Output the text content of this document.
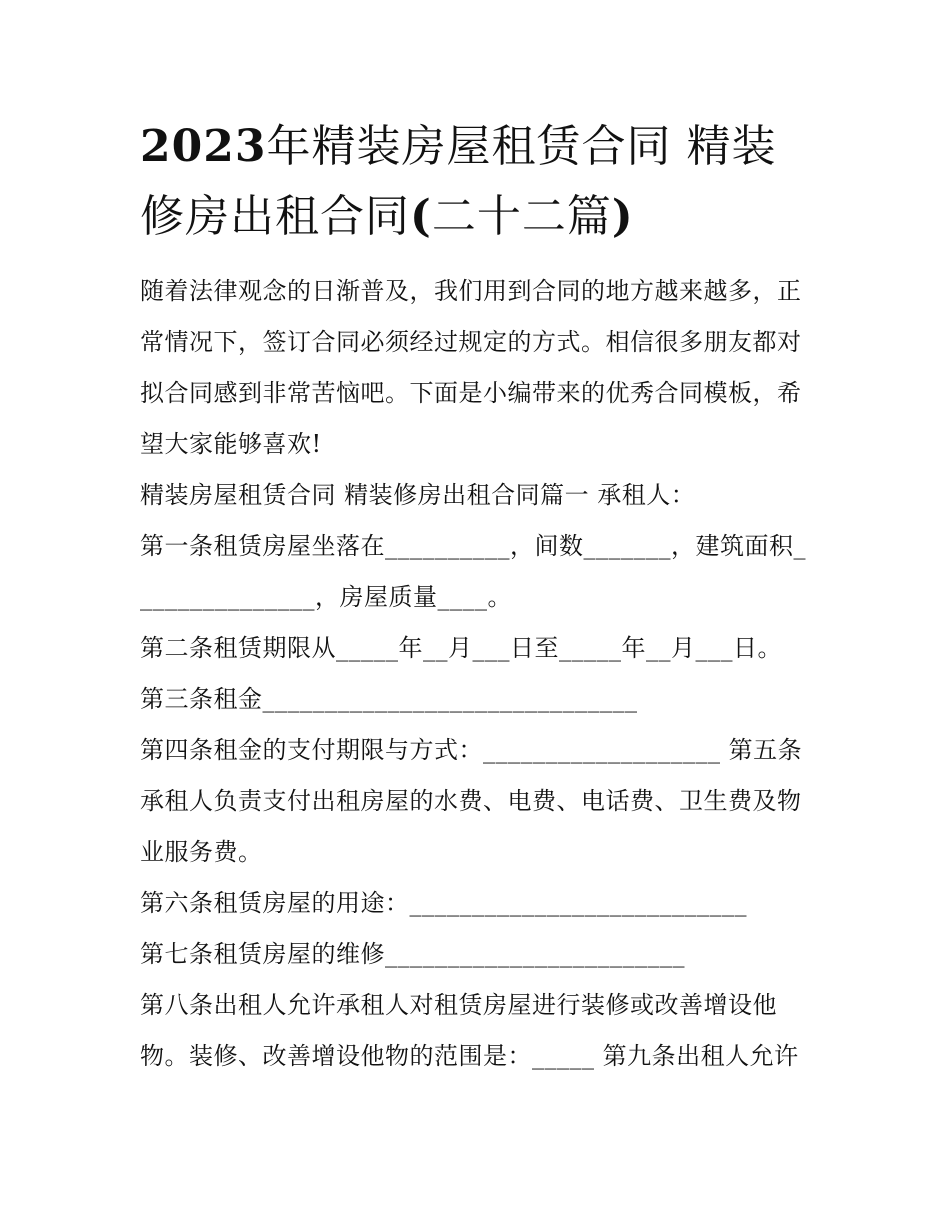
2023年精装房屋租赁合同 精装修房出租合同(二十二篇)

随着法律观念的日渐普及，我们用到合同的地方越来越多，正常情况下，签订合同必须经过规定的方式。相信很多朋友都对拟合同感到非常苦恼吧。下面是小编带来的优秀合同模板，希望大家能够喜欢!

精装房屋租赁合同 精装修房出租合同篇一 承租人：

第一条租赁房屋坐落在__________，间数_______，建筑面积_______________，房屋质量____。

第二条租赁期限从_____年__月___日至_____年__月___日。

第三条租金______________________________

第四条租金的支付期限与方式：___________________ 第五条承租人负责支付出租房屋的水费、电费、电话费、卫生费及物业服务费。

第六条租赁房屋的用途：___________________________

第七条租赁房屋的维修________________________

第八条出租人允许承租人对租赁房屋进行装修或改善增设他物。装修、改善增设他物的范围是：_____ 第九条出租人允许
